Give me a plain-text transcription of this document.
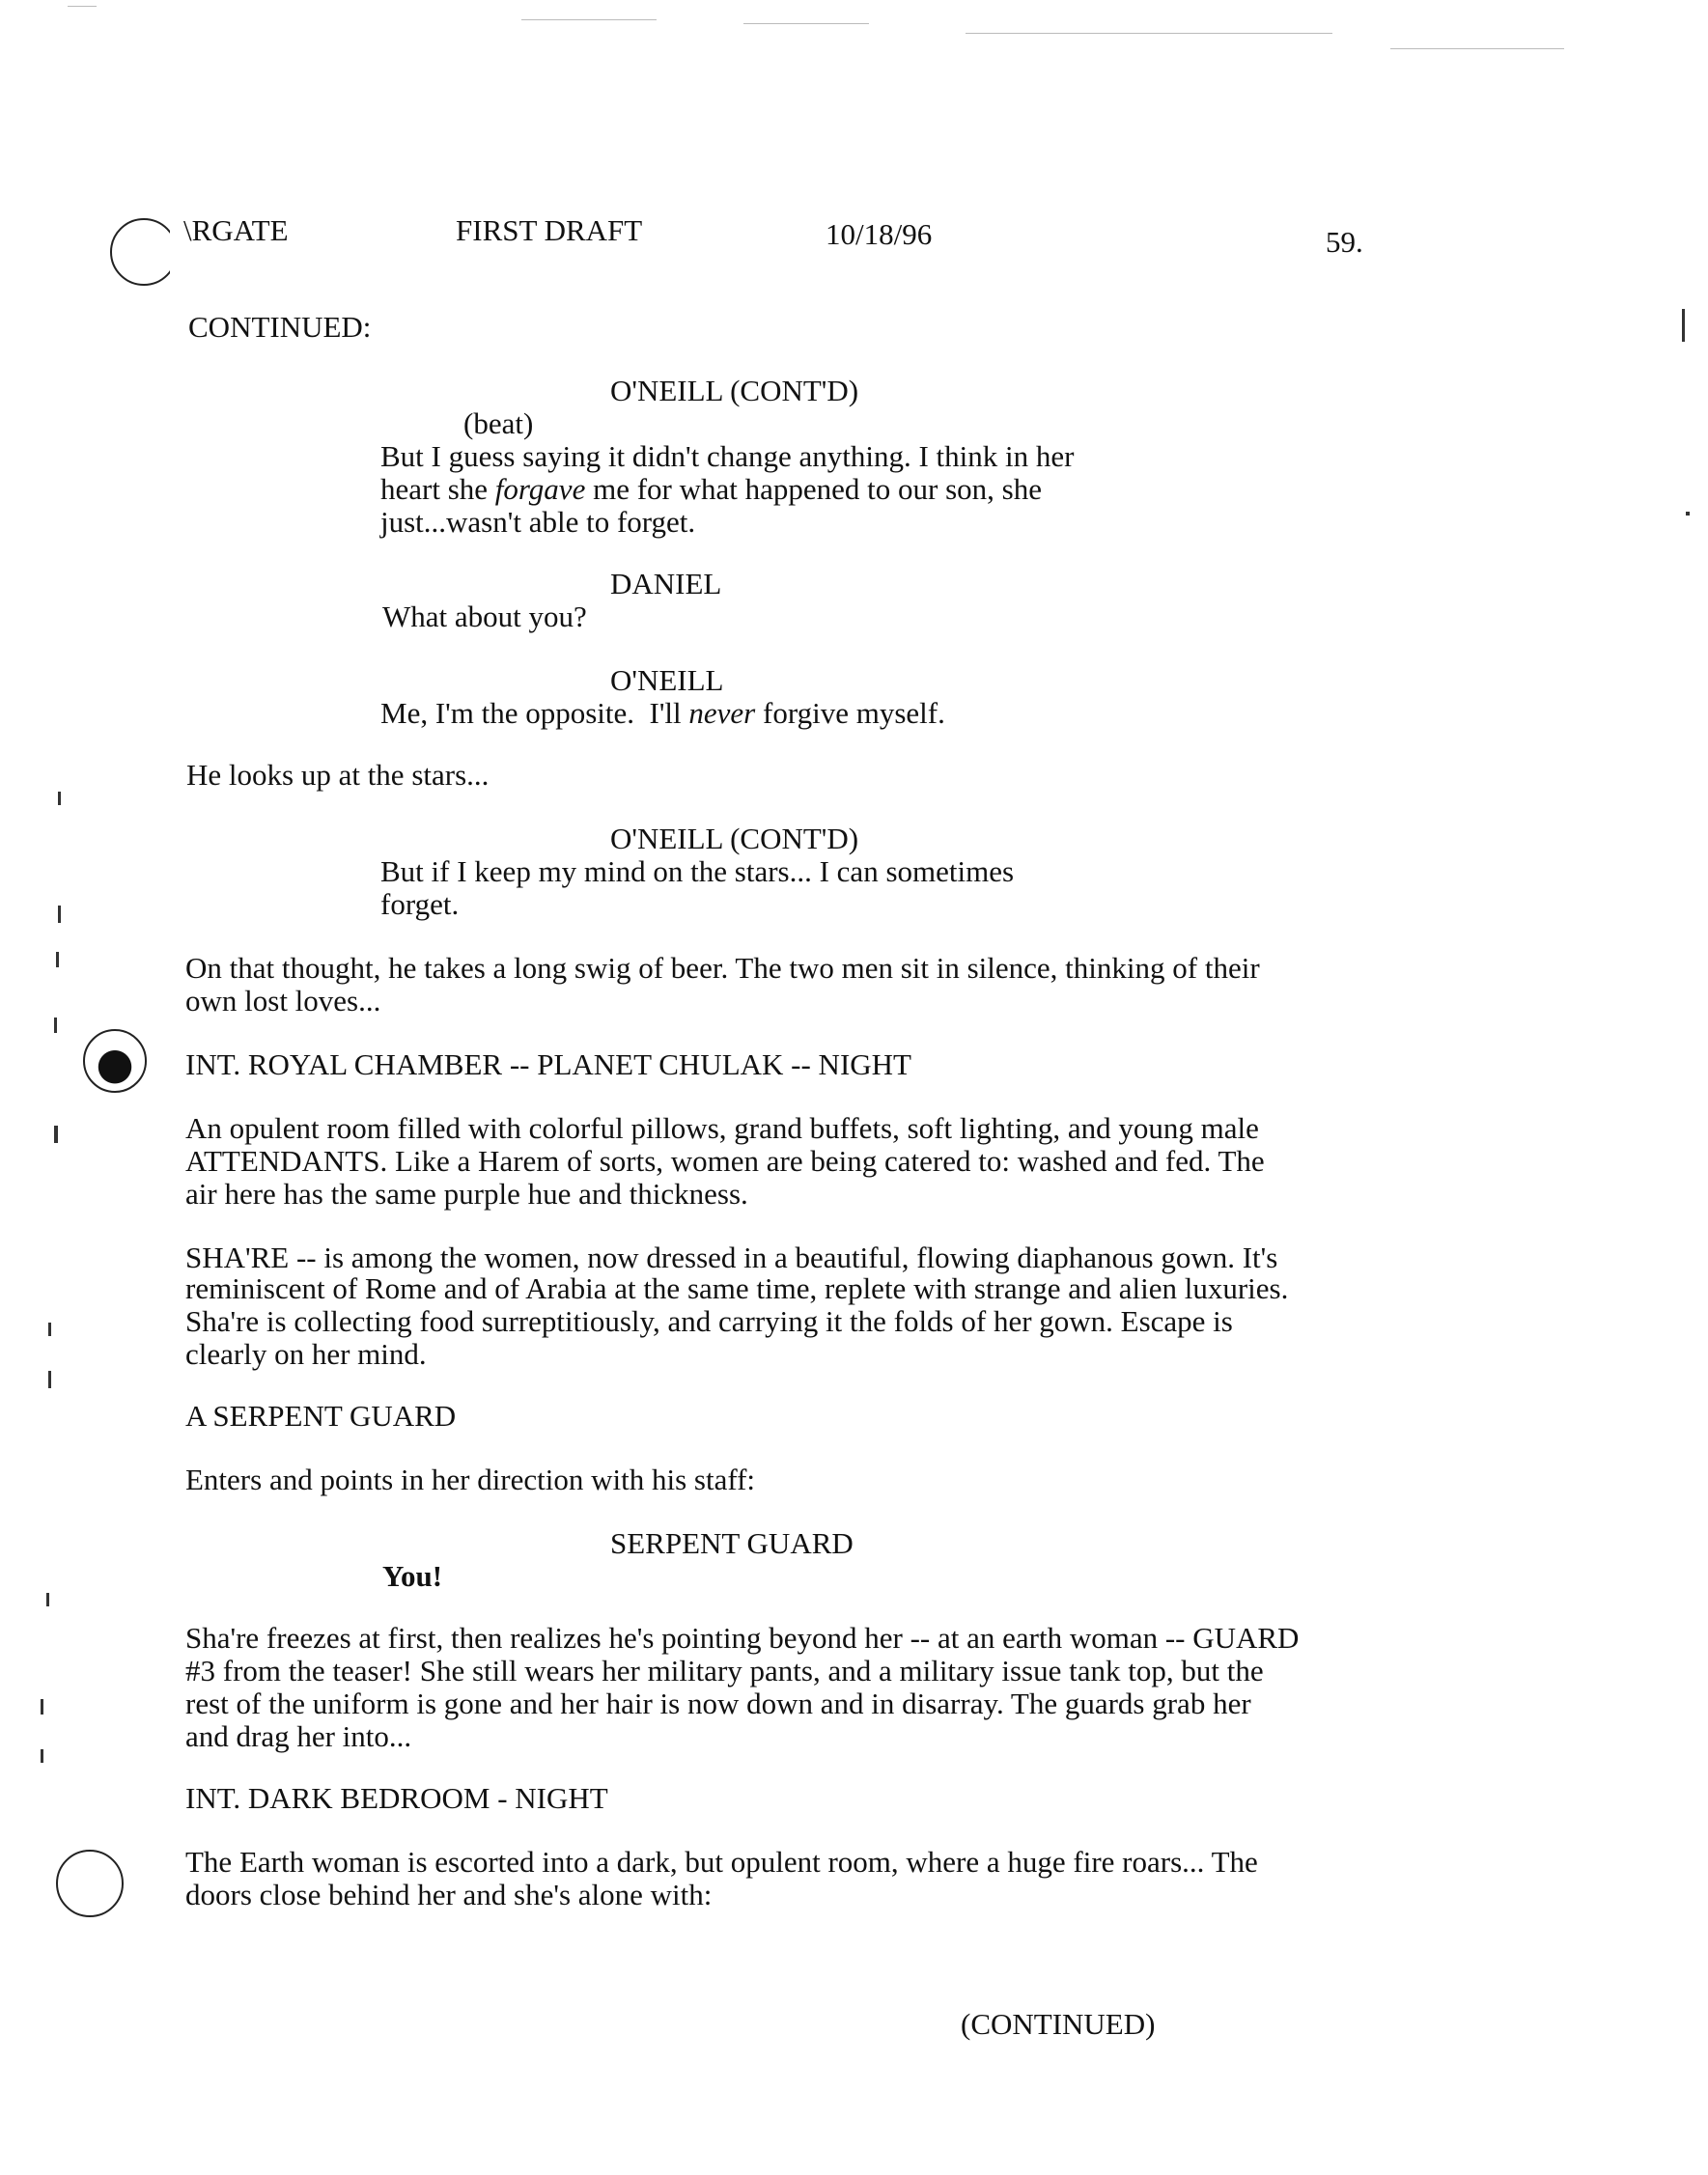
\RGATE	FIRST DRAFT	10/18/96	59.

CONTINUED:

O'NEILL (CONT'D)

(beat)

But I guess saying it didn't change anything. I think in her

heart she forgave me for what happened to our son, she

just...wasn't able to forget.

DANIEL

What about you?

O'NEILL

Me, I'm the opposite.  I'll never forgive myself.

He looks up at the stars...

O'NEILL (CONT'D)

But if I keep my mind on the stars... I can sometimes

forget.

On that thought, he takes a long swig of beer. The two men sit in silence, thinking of their

own lost loves...

INT. ROYAL CHAMBER -- PLANET CHULAK -- NIGHT

An opulent room filled with colorful pillows, grand buffets, soft lighting, and young male

ATTENDANTS. Like a Harem of sorts, women are being catered to: washed and fed. The

air here has the same purple hue and thickness.

SHA'RE -- is among the women, now dressed in a beautiful, flowing diaphanous gown. It's

reminiscent of Rome and of Arabia at the same time, replete with strange and alien luxuries.

Sha're is collecting food surreptitiously, and carrying it the folds of her gown. Escape is

clearly on her mind.

A SERPENT GUARD

Enters and points in her direction with his staff:

SERPENT GUARD

You!

Sha're freezes at first, then realizes he's pointing beyond her -- at an earth woman -- GUARD

#3 from the teaser! She still wears her military pants, and a military issue tank top, but the

rest of the uniform is gone and her hair is now down and in disarray. The guards grab her

and drag her into...

INT. DARK BEDROOM - NIGHT

The Earth woman is escorted into a dark, but opulent room, where a huge fire roars... The

doors close behind her and she's alone with:

(CONTINUED)
